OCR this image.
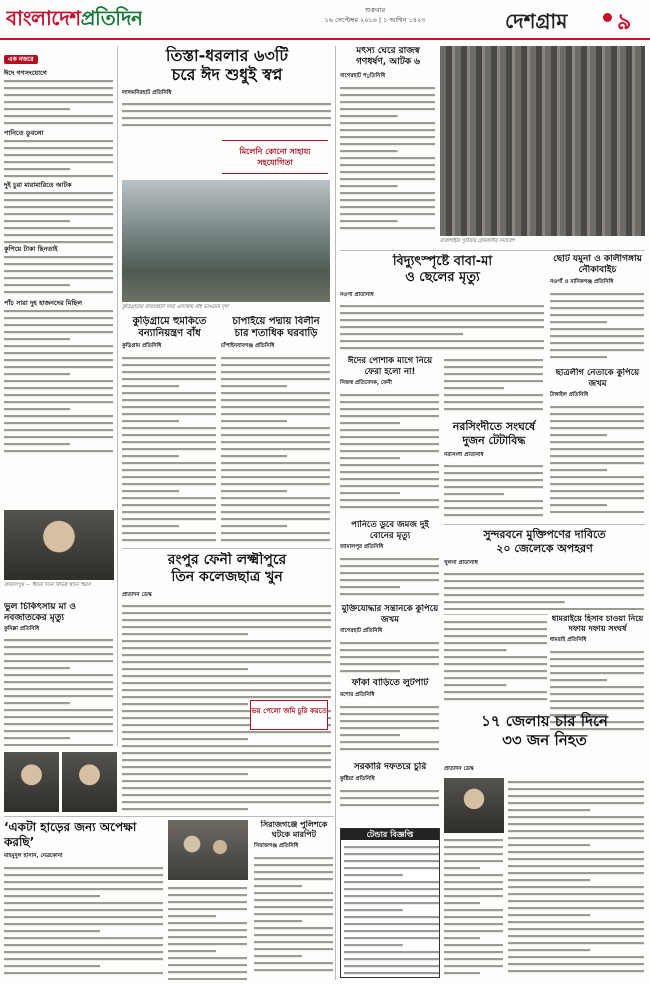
বাংলাদেশপ্রতিদিন	শুক্রবার
১৬ সেপ্টেম্বর ২০১৬ | ১ আশ্বিন ১৪২৩	দেশগ্রাম ৯
এক নজরে
ঈদে গণসংযোগে
পানিতে ডুবলো
দুই চুরা মারামারিতে আটক
কুপিয়ে টাকা ছিনতাই
পাঁচ সারা দুহ হাজনদের মিছিল
জামালপুর — ঈদের দিনে বিভিন্ন স্থানে স্মরণ
ভুল চিকিৎসায় মা ও নবজাতকের মৃত্যু
কুমিল্লা প্রতিনিধি
তিস্তা-ধরলার ৬৩টি
চরে ঈদ শুধুই স্বপ্ন
লালমনিরহাট প্রতিনিধি
মিলেনি কোনো সাহায্য সহযোগিতা
কুড়িগ্রামের রাজারহাট সদর এলাকায় বাঁধ ভাঙনের দৃশ্য
কুড়িগ্রামে হুমকিতে
বন্যানিয়ন্ত্রণ বাঁধ
কুড়িগ্রাম প্রতিনিধি
চাপাইয়ে পদ্মায় বিলীন
চার শতাধিক ঘরবাড়ি
চাঁপাইনবাবগঞ্জ প্রতিনিধি
রংপুর ফেনী লক্ষ্মীপুরে
তিন কলেজছাত্র খুন
প্রতিদিন ডেস্ক
ভয় পেলো জমি চুরি করতে
‘একটা হাড়ের জন্য অপেক্ষা করছি’
মাহমুদুল হাসান, নেত্রকোনা
সিরাজগঞ্জে পুলিশকে ঘটকে মারপিট
সিরাজগঞ্জ প্রতিনিধি
মৎস্য ঘেরে রাজস্ব
গণধর্ষণ, আটক ৬
বাগেরহাট প्रতিনিধি
রাজশাহীর পুঠিয়ায় গ্রামবাসীর সমাবেশ
বিদ্যুৎস্পৃষ্টে বাবা-মা
ও ছেলের মৃত্যু
নওগাঁ প্রতিনিধি
ছোট যমুনা ও কালীগঙ্গায় নৌকাবাইচ
নওগাঁ ও মানিকগঞ্জ প্রতিনিধি
ঈদের পোশাক মাগে নিয়ে ফেরা হলো না!
নিজস্ব প্রতিবেদক, ফেনী
নরসিংদীতে সংঘর্ষে
দুজন টেটাবিদ্ধ
নরসিংদী প্রতিনিধি
ছাত্রলীগ নেতাকে কুপিয়ে জখম
টাঙ্গাইল প্রতিনিধি
পানিতে ডুবে জমজ দুই বোনের মৃত্যু
জামালপুর প্রতিনিধি
সুন্দরবনে মুক্তিপণের দাবিতে
২০ জেলেকে অপহরণ
খুলনা প্রতিনিধি
মুক্তিযোদ্ধার সন্তানকে কুপিয়ে জখম
বাগেরহাট প্রতিনিধি
ধামরাইয়ে হিসাব চাওয়া নিয়ে দফায় দফায় সংঘর্ষ
ধামরাই প্রতিনিধি
ফাঁকা বাড়িতে লুটপাট
যশোর প্রতিনিধি
১৭ জেলায় চার দিনে
৩৩ জন নিহত
সরকারি দফতরে চুরি
কুষ্টিয়া প্রতিনিধি
প্রতিদিন ডেস্ক
টেন্ডার বিজ্ঞপ্তি
